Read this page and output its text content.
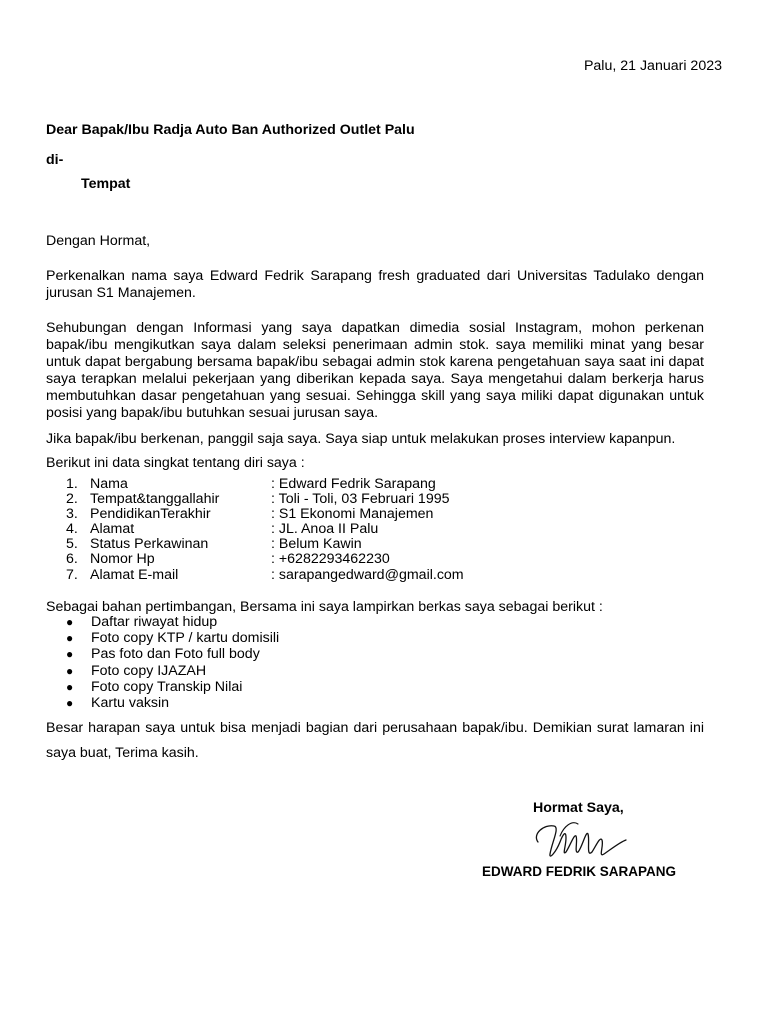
Palu, 21 Januari 2023
Dear Bapak/Ibu Radja Auto Ban Authorized Outlet Palu
di-
Tempat
Dengan Hormat,
Perkenalkan nama saya Edward Fedrik Sarapang fresh graduated dari Universitas Tadulako dengan jurusan S1 Manajemen.
Sehubungan dengan Informasi yang saya dapatkan dimedia sosial Instagram, mohon perkenan bapak/ibu mengikutkan saya dalam seleksi penerimaan admin stok. saya memiliki minat yang besar untuk dapat bergabung bersama bapak/ibu sebagai admin stok karena pengetahuan saya saat ini dapat saya terapkan melalui pekerjaan yang diberikan kepada saya. Saya mengetahui dalam berkerja harus membutuhkan dasar pengetahuan yang sesuai. Sehingga skill yang saya miliki dapat digunakan untuk posisi yang bapak/ibu butuhkan sesuai jurusan saya.
Jika bapak/ibu berkenan, panggil saja saya. Saya siap untuk melakukan proses interview kapanpun.
Berikut ini data singkat tentang diri saya :
1. Nama	: Edward Fedrik Sarapang
2. Tempat&tanggallahir	: Toli - Toli, 03 Februari 1995
3. PendidikanTerakhir	: S1 Ekonomi Manajemen
4. Alamat	: JL. Anoa II Palu
5. Status Perkawinan	: Belum Kawin
6. Nomor Hp	: +6282293462230
7. Alamat E-mail	: sarapangedward@gmail.com
Sebagai bahan pertimbangan, Bersama ini saya lampirkan berkas saya sebagai berikut :
●	Daftar riwayat hidup
●	Foto copy KTP / kartu domisili
●	Pas foto dan Foto full body
●	Foto copy IJAZAH
●	Foto copy Transkip Nilai
●	Kartu vaksin
Besar harapan saya untuk bisa menjadi bagian dari perusahaan bapak/ibu. Demikian surat lamaran ini saya buat, Terima kasih.
Hormat Saya,
EDWARD FEDRIK SARAPANG
